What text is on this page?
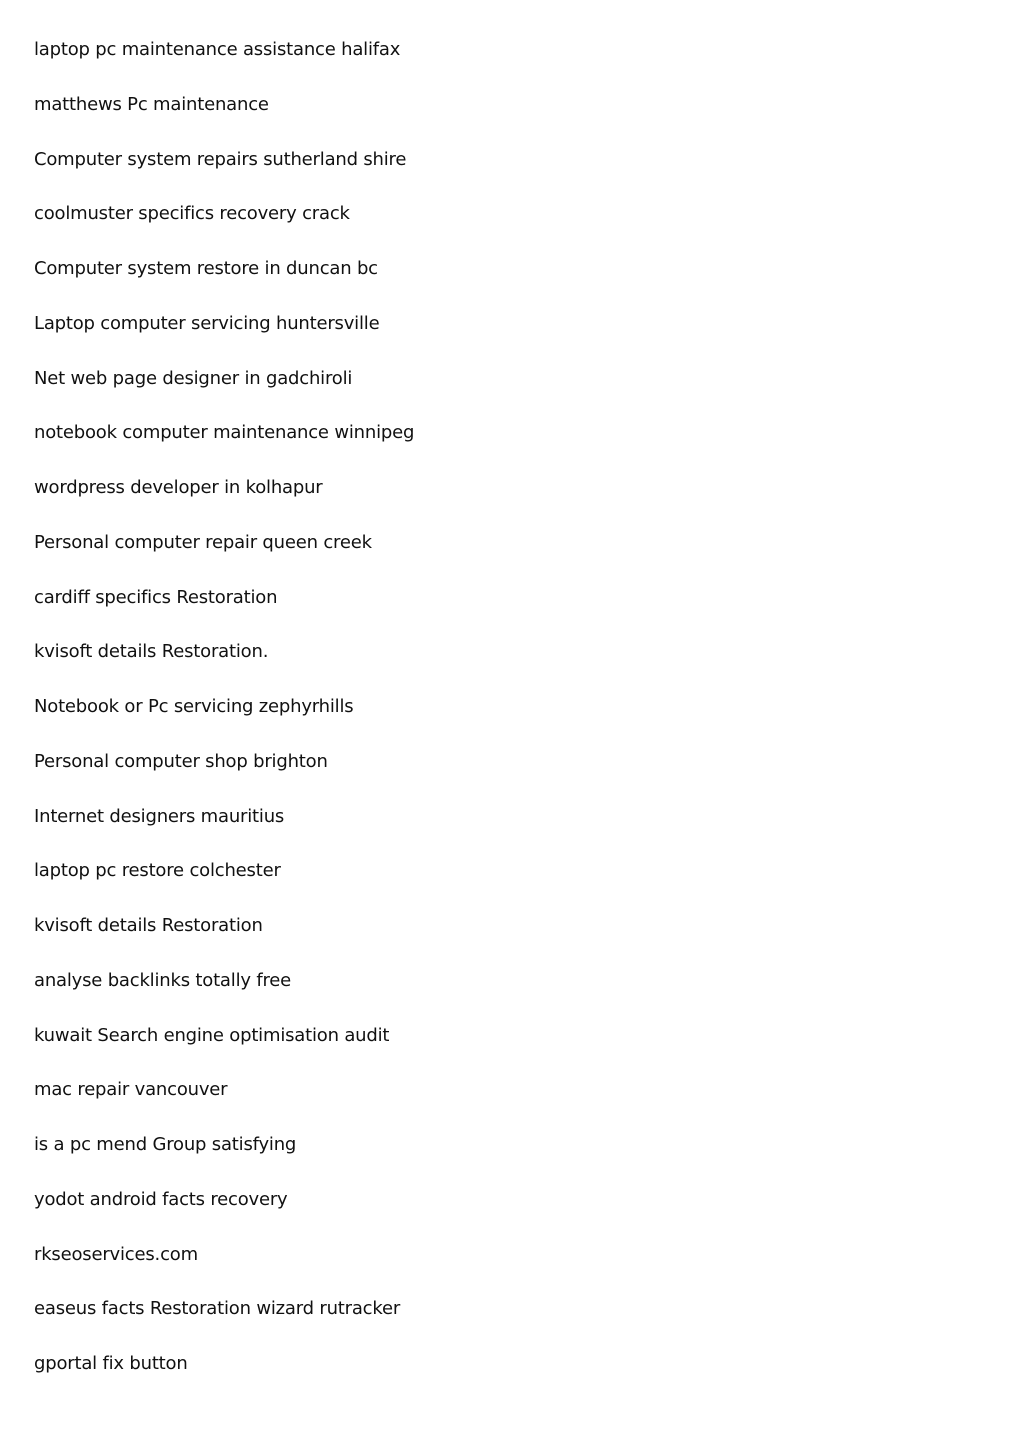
laptop pc maintenance assistance halifax
matthews Pc maintenance
Computer system repairs sutherland shire
coolmuster specifics recovery crack
Computer system restore in duncan bc
Laptop computer servicing huntersville
Net web page designer in gadchiroli
notebook computer maintenance winnipeg
wordpress developer in kolhapur
Personal computer repair queen creek
cardiff specifics Restoration
kvisoft details Restoration.
Notebook or Pc servicing zephyrhills
Personal computer shop brighton
Internet designers mauritius
laptop pc restore colchester
kvisoft details Restoration
analyse backlinks totally free
kuwait Search engine optimisation audit
mac repair vancouver
is a pc mend Group satisfying
yodot android facts recovery
rkseoservices.com
easeus facts Restoration wizard rutracker
gportal fix button
